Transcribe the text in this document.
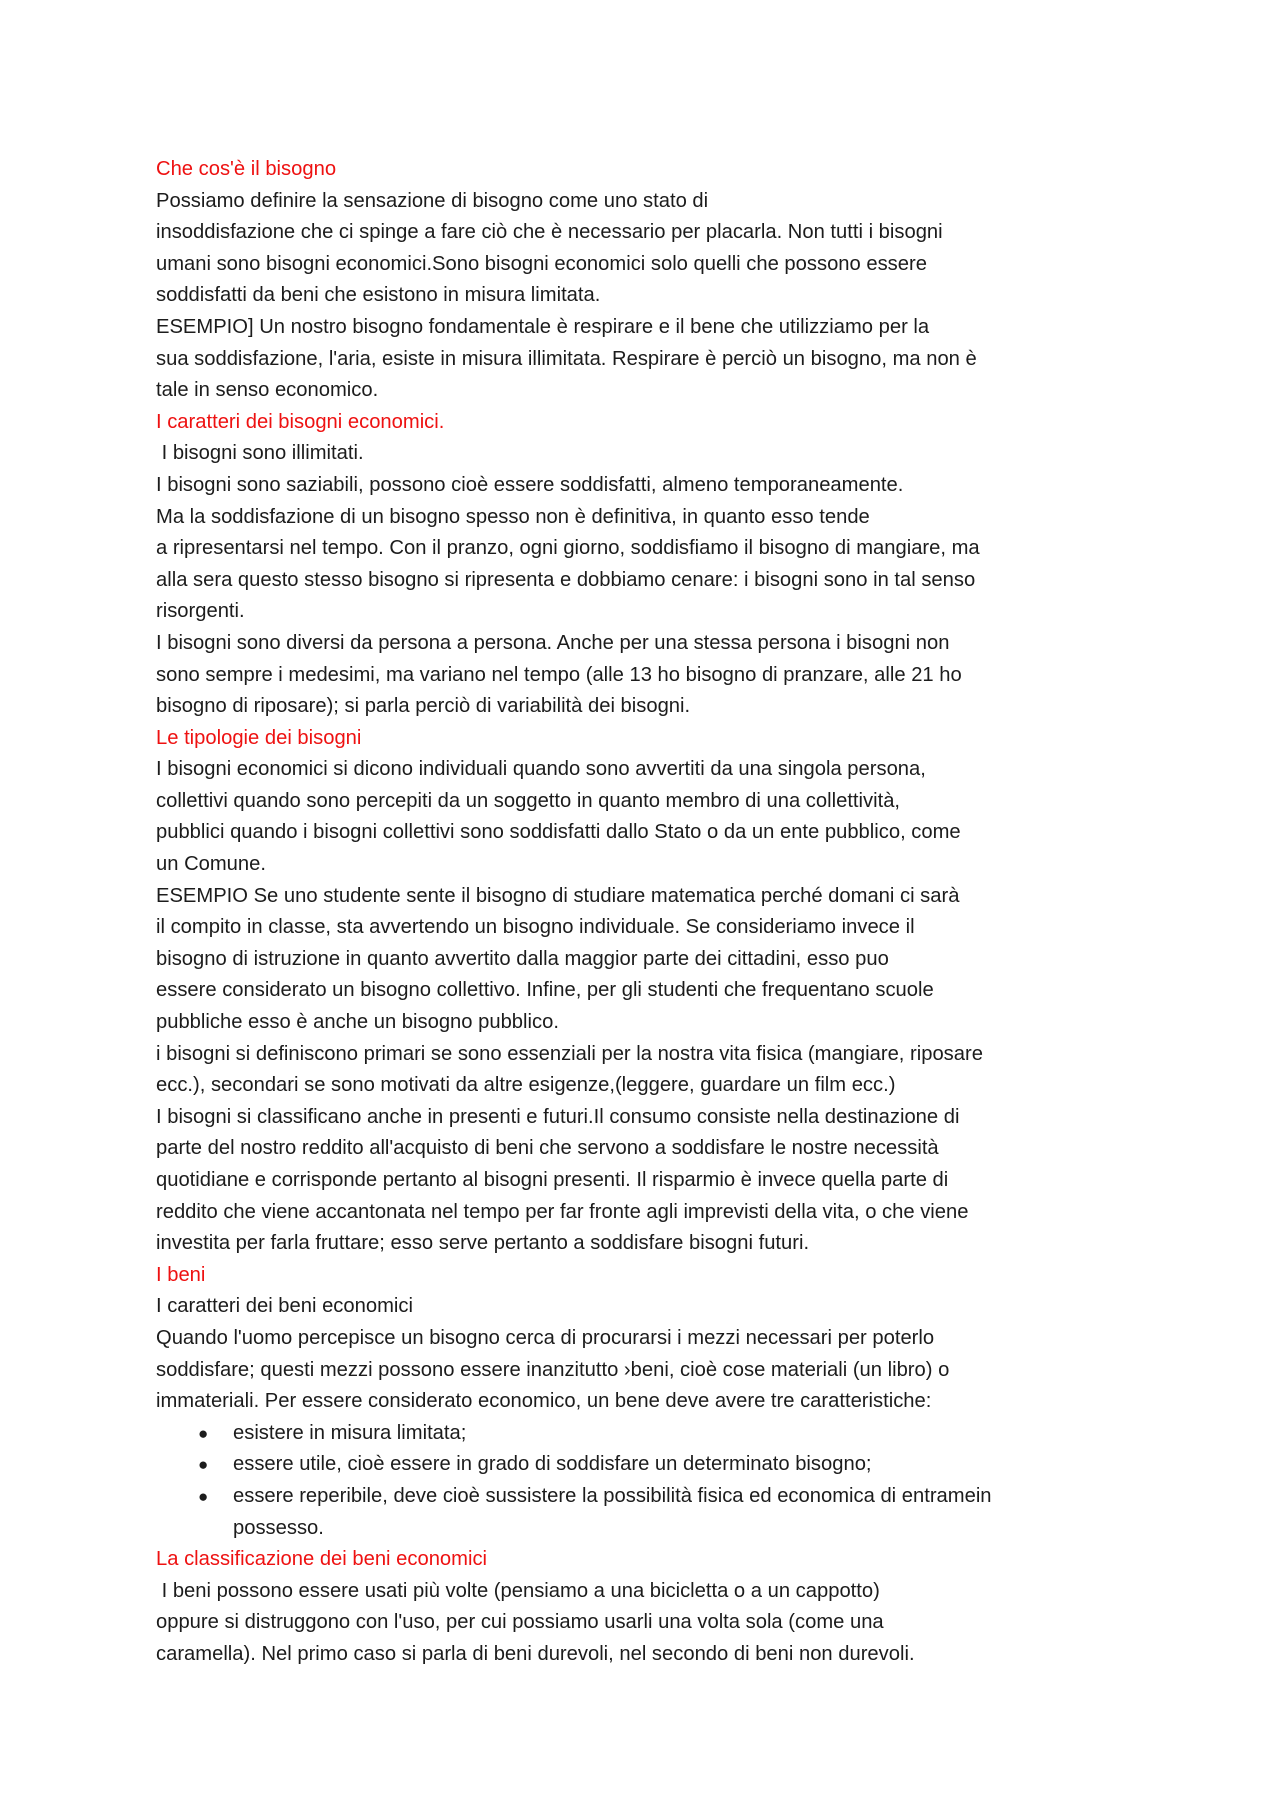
Che cos'è il bisogno
Possiamo definire la sensazione di bisogno come uno stato di
insoddisfazione che ci spinge a fare ciò che è necessario per placarla. Non tutti i bisogni
umani sono bisogni economici.Sono bisogni economici solo quelli che possono essere
soddisfatti da beni che esistono in misura limitata.
ESEMPIO] Un nostro bisogno fondamentale è respirare e il bene che utilizziamo per la
sua soddisfazione, l'aria, esiste in misura illimitata. Respirare è perciò un bisogno, ma non è
tale in senso economico.
I caratteri dei bisogni economici.
I bisogni sono illimitati.
I bisogni sono saziabili, possono cioè essere soddisfatti, almeno temporaneamente.
Ma la soddisfazione di un bisogno spesso non è definitiva, in quanto esso tende
a ripresentarsi nel tempo. Con il pranzo, ogni giorno, soddisfiamo il bisogno di mangiare, ma
alla sera questo stesso bisogno si ripresenta e dobbiamo cenare: i bisogni sono in tal senso
risorgenti.
I bisogni sono diversi da persona a persona. Anche per una stessa persona i bisogni non
sono sempre i medesimi, ma variano nel tempo (alle 13 ho bisogno di pranzare, alle 21 ho
bisogno di riposare); si parla perciò di variabilità dei bisogni.
Le tipologie dei bisogni
I bisogni economici si dicono individuali quando sono avvertiti da una singola persona,
collettivi quando sono percepiti da un soggetto in quanto membro di una collettività,
pubblici quando i bisogni collettivi sono soddisfatti dallo Stato o da un ente pubblico, come
un Comune.
ESEMPIO Se uno studente sente il bisogno di studiare matematica perché domani ci sarà
il compito in classe, sta avvertendo un bisogno individuale. Se consideriamo invece il
bisogno di istruzione in quanto avvertito dalla maggior parte dei cittadini, esso puo
essere considerato un bisogno collettivo. Infine, per gli studenti che frequentano scuole
pubbliche esso è anche un bisogno pubblico.
i bisogni si definiscono primari se sono essenziali per la nostra vita fisica (mangiare, riposare
ecc.), secondari se sono motivati da altre esigenze,(leggere, guardare un film ecc.)
I bisogni si classificano anche in presenti e futuri.Il consumo consiste nella destinazione di
parte del nostro reddito all'acquisto di beni che servono a soddisfare le nostre necessità
quotidiane e corrisponde pertanto al bisogni presenti. Il risparmio è invece quella parte di
reddito che viene accantonata nel tempo per far fronte agli imprevisti della vita, o che viene
investita per farla fruttare; esso serve pertanto a soddisfare bisogni futuri.
I beni
I caratteri dei beni economici
Quando l'uomo percepisce un bisogno cerca di procurarsi i mezzi necessari per poterlo
soddisfare; questi mezzi possono essere inanzitutto ›beni, cioè cose materiali (un libro) o
immateriali. Per essere considerato economico, un bene deve avere tre caratteristiche:
● esistere in misura limitata;
● essere utile, cioè essere in grado di soddisfare un determinato bisogno;
● essere reperibile, deve cioè sussistere la possibilità fisica ed economica di entramein
possesso.
La classificazione dei beni economici
I beni possono essere usati più volte (pensiamo a una bicicletta o a un cappotto)
oppure si distruggono con l'uso, per cui possiamo usarli una volta sola (come una
caramella). Nel primo caso si parla di beni durevoli, nel secondo di beni non durevoli.
